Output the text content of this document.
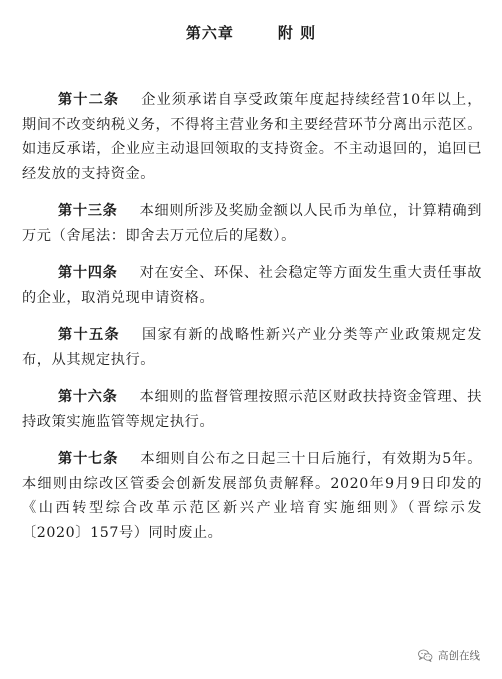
第六章	附 则

第十二条 企业须承诺自享受政策年度起持续经营10年以上，期间不改变纳税义务，不得将主营业务和主要经营环节分离出示范区。如违反承诺，企业应主动退回领取的支持资金。不主动退回的，追回已经发放的支持资金。

第十三条 本细则所涉及奖励金额以人民币为单位，计算精确到万元（舍尾法：即舍去万元位后的尾数）。

第十四条 对在安全、环保、社会稳定等方面发生重大责任事故的企业，取消兑现申请资格。

第十五条 国家有新的战略性新兴产业分类等产业政策规定发布，从其规定执行。

第十六条 本细则的监督管理按照示范区财政扶持资金管理、扶持政策实施监管等规定执行。

第十七条 本细则自公布之日起三十日后施行，有效期为5年。本细则由综改区管委会创新发展部负责解释。2020年9月9日印发的《山西转型综合改革示范区新兴产业培育实施细则》（晋综示发〔2020〕157号）同时废止。

高创在线
